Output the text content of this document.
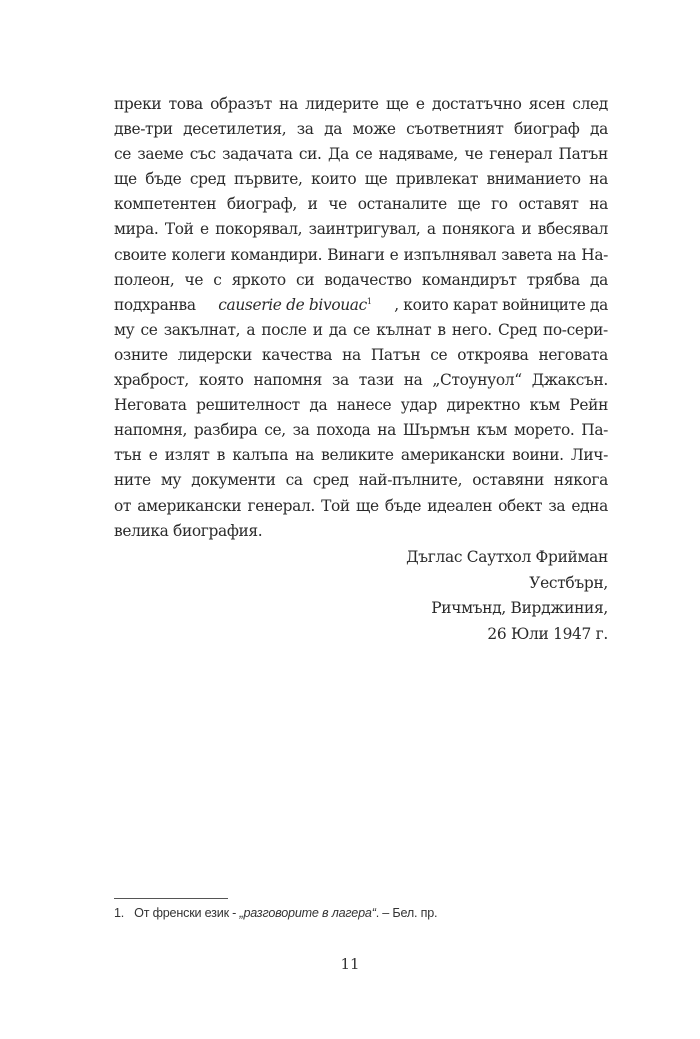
преки това образът на лидерите ще е достатъчно ясен след
две-три десетилетия, за да може съответният биограф да
се заеме със задачата си. Да се надяваме, че генерал Патън
ще бъде сред първите, които ще привлекат вниманието на
компетентен биограф, и че останалите ще го оставят на
мира. Той е покорявал, заинтригувал, а понякога и вбесявал
своите колеги командири. Винаги е изпълнявал завета на На-
полеон, че с яркото си водачество командирът трябва да
подхранва causerie de bivouac1 , които карат войниците да
му се закълнат, а после и да се кълнат в него. Сред по-сери-
озните лидерски качества на Патън се откроява неговата
храброст, която напомня за тази на „Стоунуол“ Джаксън.
Неговата решителност да нанесе удар директно към Рейн
напомня, разбира се, за похода на Шърмън към морето. Па-
тън е излят в калъпа на великите американски воини. Лич-
ните му документи са сред най-пълните, оставяни някога
от американски генерал. Той ще бъде идеален обект за една
велика биография.
Дъглас Саутхол Фрийман
Уестбърн,
Ричмънд, Вирджиния,
26 Юли 1947 г.
1. От френски език - „разговорите в лагера“. – Бел. пр.
11
